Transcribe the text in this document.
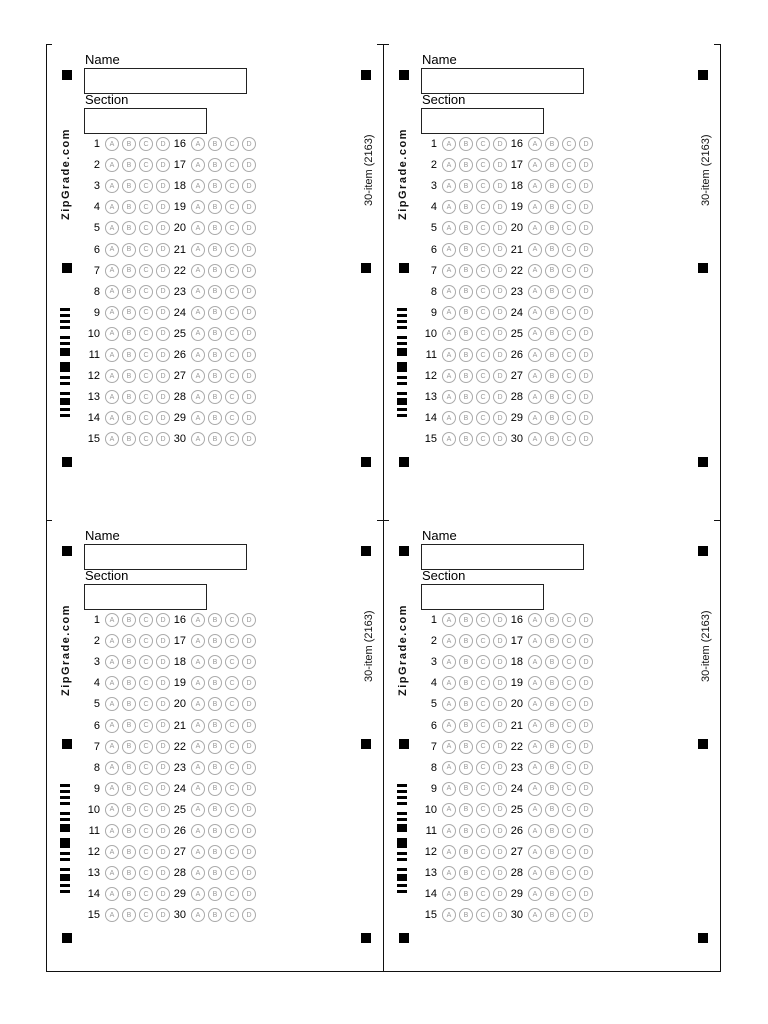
Name
Section
ZipGrade.com	30-item (2163)
1	A	B	C	D
2	A	B	C	D
3	A	B	C	D
4	A	B	C	D
5	A	B	C	D
6	A	B	C	D
7	A	B	C	D
8	A	B	C	D
9	A	B	C	D
10	A	B	C	D
11	A	B	C	D
12	A	B	C	D
13	A	B	C	D
14	A	B	C	D
15	A	B	C	D
16	A	B	C	D
17	A	B	C	D
18	A	B	C	D
19	A	B	C	D
20	A	B	C	D
21	A	B	C	D
22	A	B	C	D
23	A	B	C	D
24	A	B	C	D
25	A	B	C	D
26	A	B	C	D
27	A	B	C	D
28	A	B	C	D
29	A	B	C	D
30	A	B	C	D
Name
Section
ZipGrade.com	30-item (2163)
1	A	B	C	D
2	A	B	C	D
3	A	B	C	D
4	A	B	C	D
5	A	B	C	D
6	A	B	C	D
7	A	B	C	D
8	A	B	C	D
9	A	B	C	D
10	A	B	C	D
11	A	B	C	D
12	A	B	C	D
13	A	B	C	D
14	A	B	C	D
15	A	B	C	D
16	A	B	C	D
17	A	B	C	D
18	A	B	C	D
19	A	B	C	D
20	A	B	C	D
21	A	B	C	D
22	A	B	C	D
23	A	B	C	D
24	A	B	C	D
25	A	B	C	D
26	A	B	C	D
27	A	B	C	D
28	A	B	C	D
29	A	B	C	D
30	A	B	C	D
Name
Section
ZipGrade.com	30-item (2163)
1	A	B	C	D
2	A	B	C	D
3	A	B	C	D
4	A	B	C	D
5	A	B	C	D
6	A	B	C	D
7	A	B	C	D
8	A	B	C	D
9	A	B	C	D
10	A	B	C	D
11	A	B	C	D
12	A	B	C	D
13	A	B	C	D
14	A	B	C	D
15	A	B	C	D
16	A	B	C	D
17	A	B	C	D
18	A	B	C	D
19	A	B	C	D
20	A	B	C	D
21	A	B	C	D
22	A	B	C	D
23	A	B	C	D
24	A	B	C	D
25	A	B	C	D
26	A	B	C	D
27	A	B	C	D
28	A	B	C	D
29	A	B	C	D
30	A	B	C	D
Name
Section
ZipGrade.com	30-item (2163)
1	A	B	C	D
2	A	B	C	D
3	A	B	C	D
4	A	B	C	D
5	A	B	C	D
6	A	B	C	D
7	A	B	C	D
8	A	B	C	D
9	A	B	C	D
10	A	B	C	D
11	A	B	C	D
12	A	B	C	D
13	A	B	C	D
14	A	B	C	D
15	A	B	C	D
16	A	B	C	D
17	A	B	C	D
18	A	B	C	D
19	A	B	C	D
20	A	B	C	D
21	A	B	C	D
22	A	B	C	D
23	A	B	C	D
24	A	B	C	D
25	A	B	C	D
26	A	B	C	D
27	A	B	C	D
28	A	B	C	D
29	A	B	C	D
30	A	B	C	D
